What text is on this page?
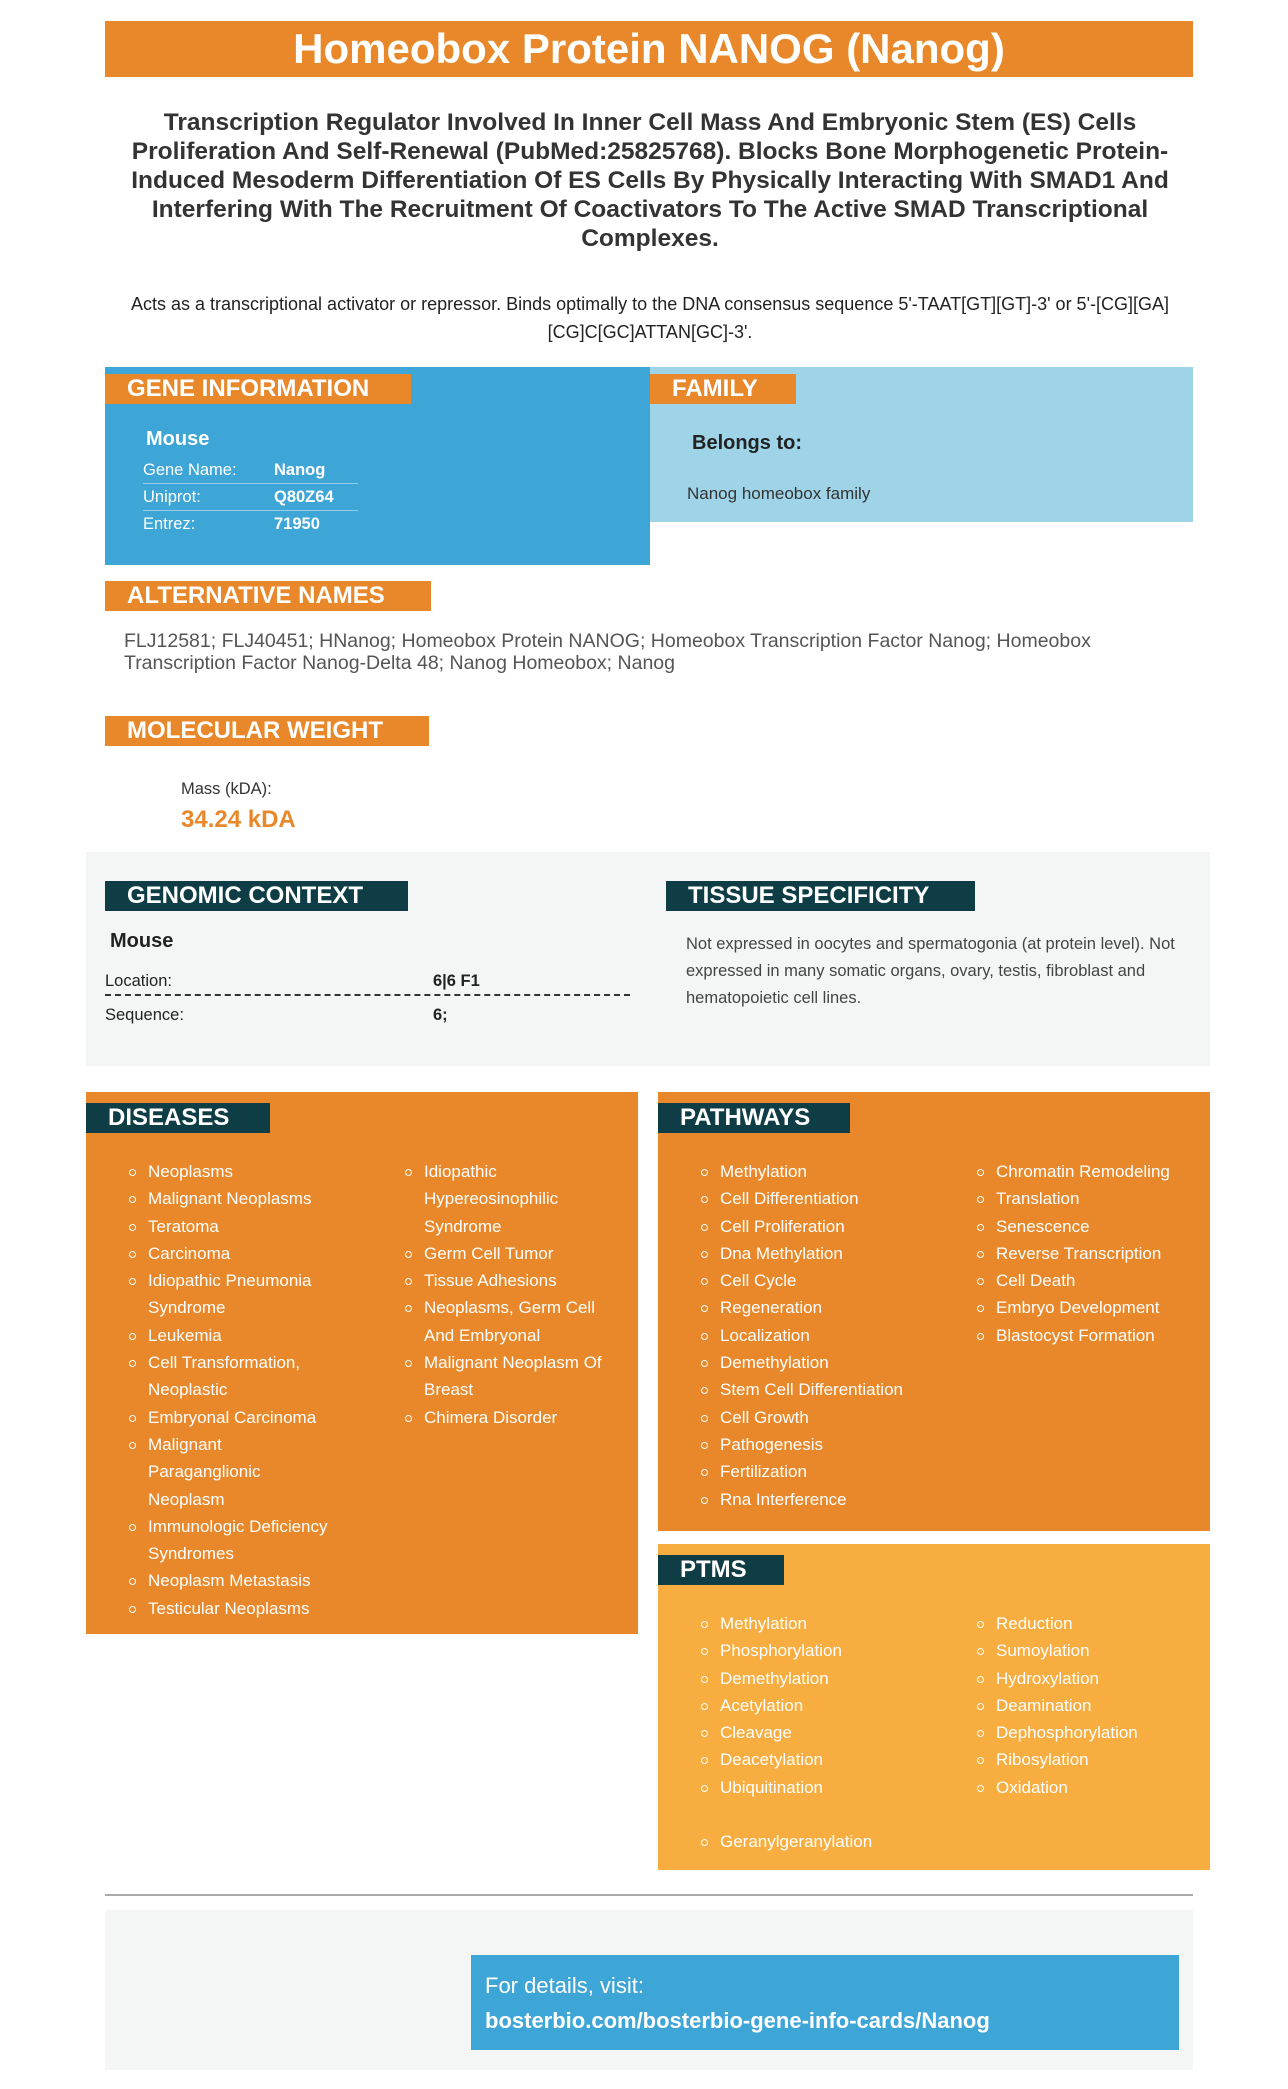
Homeobox Protein NANOG (Nanog)
Transcription Regulator Involved In Inner Cell Mass And Embryonic Stem (ES) Cells Proliferation And Self-Renewal (PubMed:25825768). Blocks Bone Morphogenetic Protein-Induced Mesoderm Differentiation Of ES Cells By Physically Interacting With SMAD1 And Interfering With The Recruitment Of Coactivators To The Active SMAD Transcriptional Complexes.
Acts as a transcriptional activator or repressor. Binds optimally to the DNA consensus sequence 5'-TAAT[GT][GT]-3' or 5'-[CG][GA][CG]C[GC]ATTAN[GC]-3'.
GENE INFORMATION
Mouse
Gene Name: Nanog
Uniprot:	Q80Z64
Entrez:	71950
FAMILY
Belongs to:
Nanog homeobox family
ALTERNATIVE NAMES
FLJ12581; FLJ40451; HNanog; Homeobox Protein NANOG; Homeobox Transcription Factor Nanog; Homeobox Transcription Factor Nanog-Delta 48; Nanog Homeobox; Nanog
MOLECULAR WEIGHT
Mass (kDA):
34.24 kDA
GENOMIC CONTEXT
Mouse
Location:	6|6 F1
Sequence:	6;
TISSUE SPECIFICITY
Not expressed in oocytes and spermatogonia (at protein level). Not expressed in many somatic organs, ovary, testis, fibroblast and hematopoietic cell lines.
DISEASES
Neoplasms
Malignant Neoplasms
Teratoma
Carcinoma
Idiopathic Pneumonia Syndrome
Leukemia
Cell Transformation, Neoplastic
Embryonal Carcinoma
Malignant Paraganglionic Neoplasm
Immunologic Deficiency Syndromes
Neoplasm Metastasis
Testicular Neoplasms
Idiopathic Hypereosinophilic Syndrome
Germ Cell Tumor
Tissue Adhesions
Neoplasms, Germ Cell And Embryonal
Malignant Neoplasm Of Breast
Chimera Disorder
PATHWAYS
Methylation
Cell Differentiation
Cell Proliferation
Dna Methylation
Cell Cycle
Regeneration
Localization
Demethylation
Stem Cell Differentiation
Cell Growth
Pathogenesis
Fertilization
Rna Interference
Chromatin Remodeling
Translation
Senescence
Reverse Transcription
Cell Death
Embryo Development
Blastocyst Formation
PTMS
Methylation
Phosphorylation
Demethylation
Acetylation
Cleavage
Deacetylation
Ubiquitination
Reduction
Sumoylation
Hydroxylation
Deamination
Dephosphorylation
Ribosylation
Oxidation
Geranylgeranylation
For details, visit:
bosterbio.com/bosterbio-gene-info-cards/Nanog
